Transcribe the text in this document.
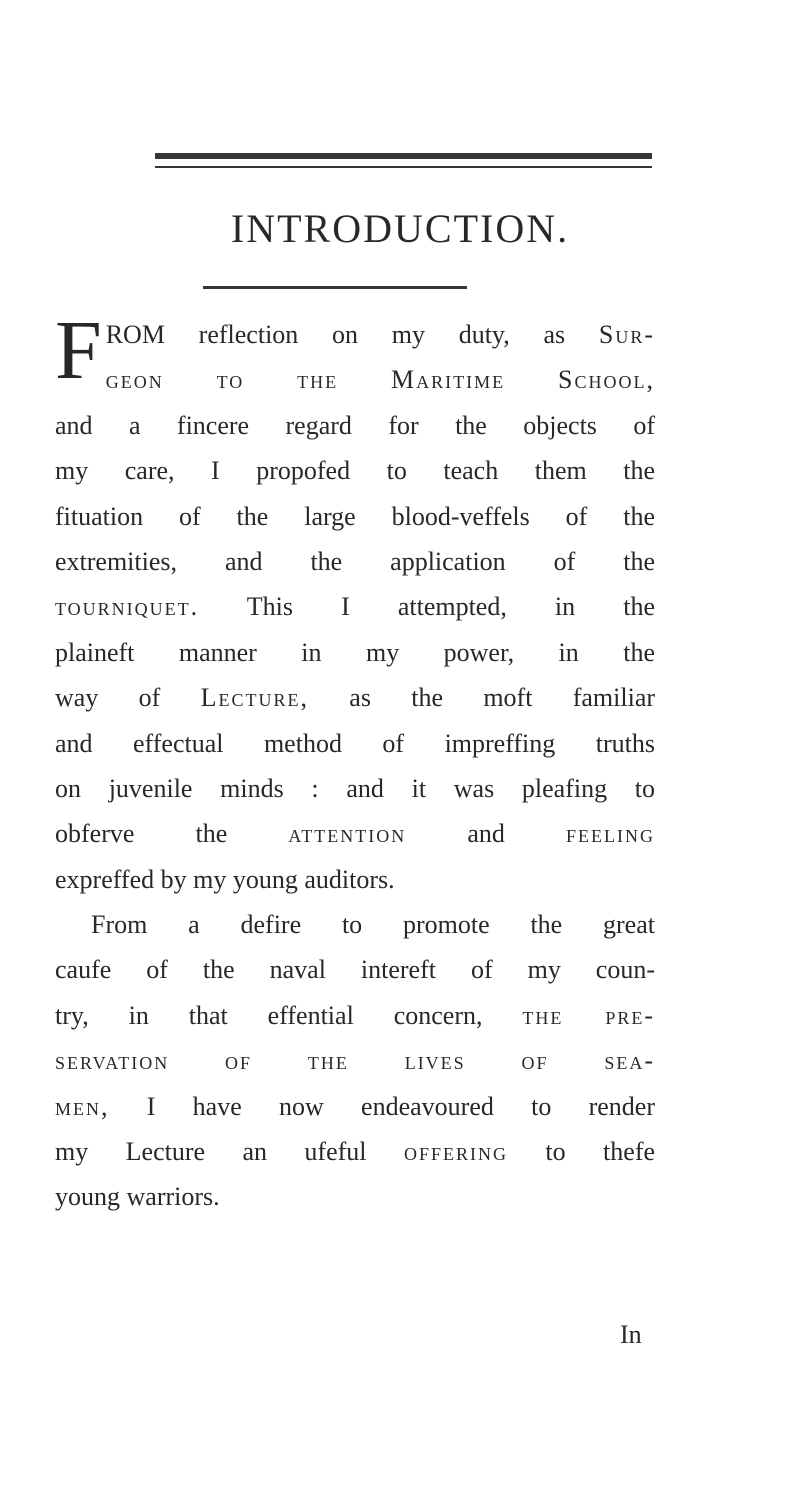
INTRODUCTION.
F ROM reflection on my duty, as Sur-
geon to the Maritime School,
and a fincere regard for the objects of
my care, I propofed to teach them the
fituation of the large blood-veffels of the
extremities, and the application of the
tourniquet. This I attempted, in the
plaineft manner in my power, in the
way of Lecture, as the moft familiar
and effectual method of impreffing truths
on juvenile minds : and it was pleafing to
obferve the attention and feeling
expreffed by my young auditors.
From a defire to promote the great
caufe of the naval intereft of my coun-
try, in that effential concern, the pre-
servation of the lives of sea-
men, I have now endeavoured to render
my Lecture an ufeful offering to thefe
young warriors.
In
